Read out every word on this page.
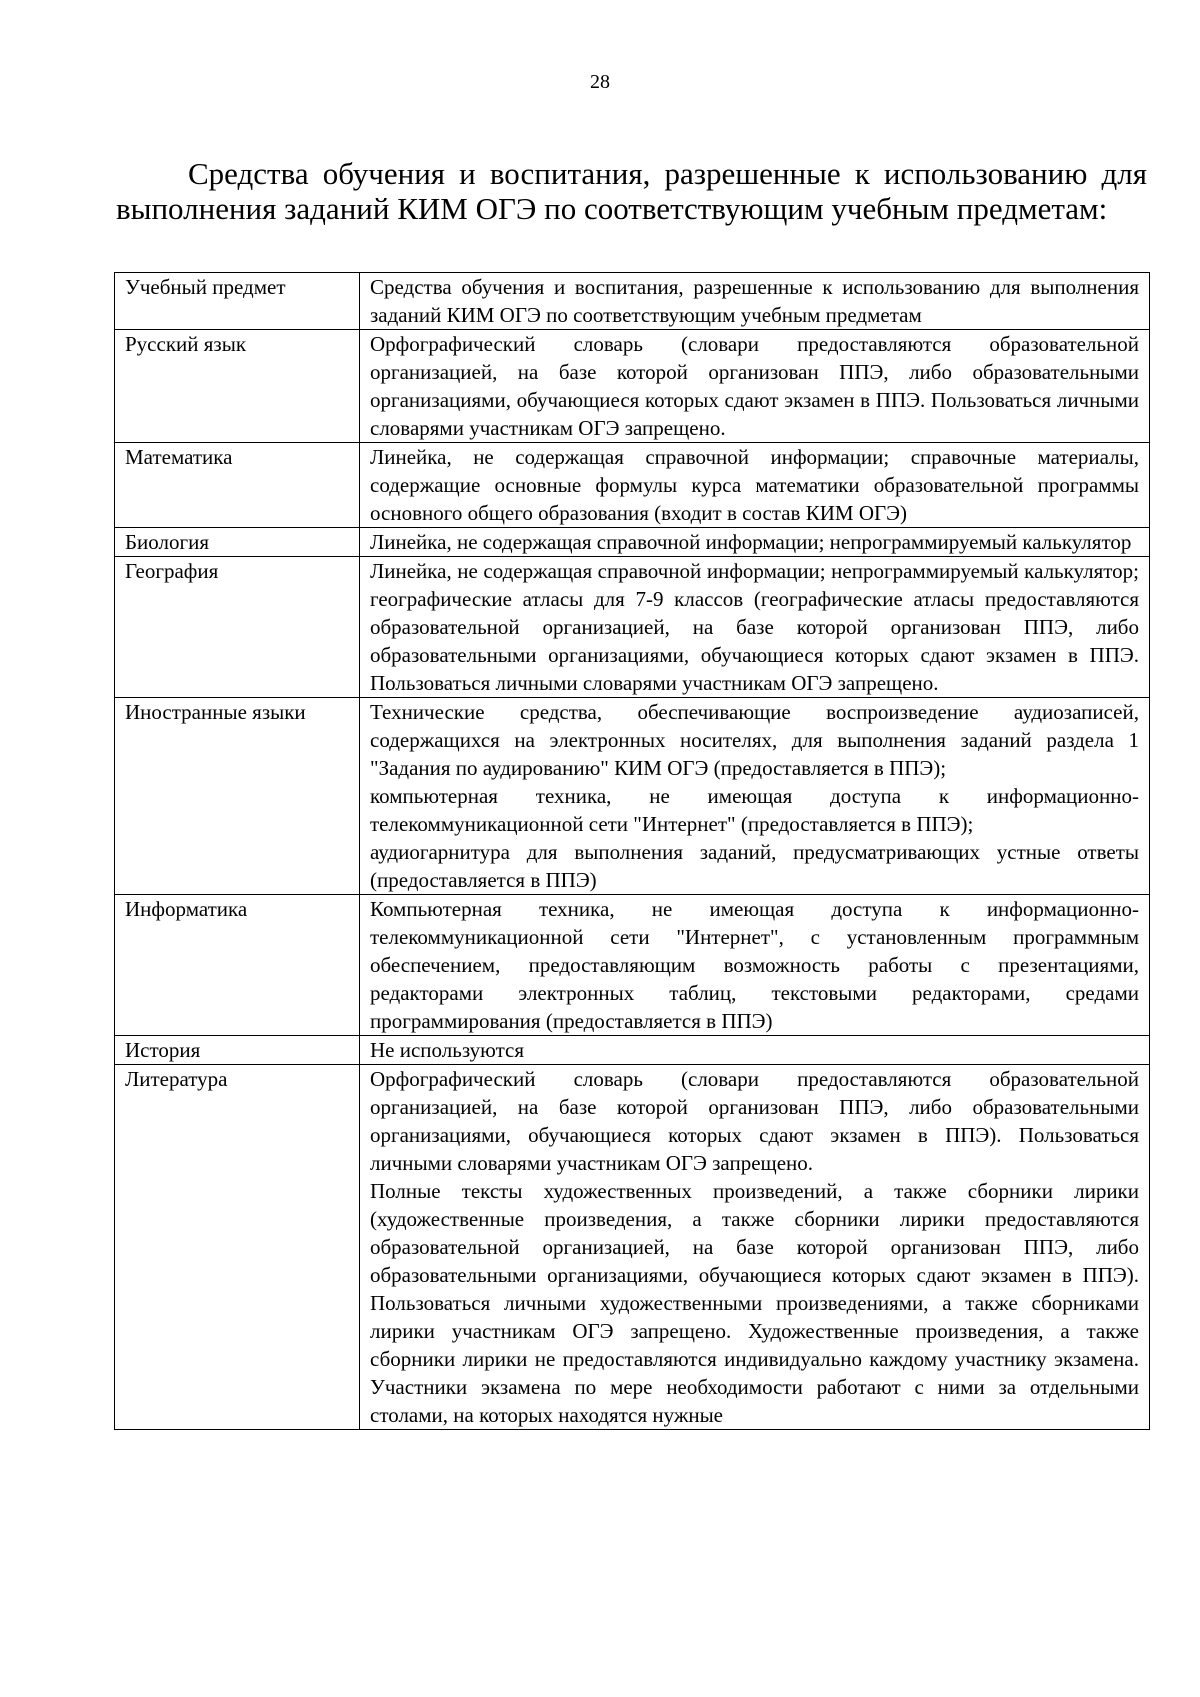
28

Средства обучения и воспитания, разрешенные к использованию для выполнения заданий КИМ ОГЭ по соответствующим учебным предметам:

Учебный предмет	Средства обучения и воспитания, разрешенные к использованию для выполнения заданий КИМ ОГЭ по соответствующим учебным предметам
Русский язык	Орфографический словарь (словари предоставляются образовательной организацией, на базе которой организован ППЭ, либо образовательными организациями, обучающиеся которых сдают экзамен в ППЭ. Пользоваться личными словарями участникам ОГЭ запрещено.

Математика	Линейка, не содержащая справочной информации; справочные материалы, содержащие основные формулы курса математики образовательной программы основного общего образования (входит в состав КИМ ОГЭ)

Биология	Линейка, не содержащая справочной информации; непрограммируемый калькулятор

География	Линейка, не содержащая справочной информации; непрограммируемый калькулятор; географические атласы для 7-9 классов (географические атласы предоставляются образовательной организацией, на базе которой организован ППЭ, либо образовательными организациями, обучающиеся которых сдают экзамен в ППЭ. Пользоваться личными словарями участникам ОГЭ запрещено.

Иностранные языки	Технические средства, обеспечивающие воспроизведение аудиозаписей, содержащихся на электронных носителях, для выполнения заданий раздела 1 "Задания по аудированию" КИМ ОГЭ (предоставляется в ППЭ);
компьютерная техника, не имеющая доступа к информационно-телекоммуникационной сети "Интернет" (предоставляется в ППЭ);
аудиогарнитура для выполнения заданий, предусматривающих устные ответы (предоставляется в ППЭ)

Информатика	Компьютерная техника, не имеющая доступа к информационно-телекоммуникационной сети "Интернет", с установленным программным обеспечением, предоставляющим возможность работы с презентациями, редакторами электронных таблиц, текстовыми редакторами, средами программирования (предоставляется в ППЭ)

История	Не используются

Литература	Орфографический словарь (словари предоставляются образовательной организацией, на базе которой организован ППЭ, либо образовательными организациями, обучающиеся которых сдают экзамен в ППЭ). Пользоваться личными словарями участникам ОГЭ запрещено.
Полные тексты художественных произведений, а также сборники лирики (художественные произведения, а также сборники лирики предоставляются образовательной организацией, на базе которой организован ППЭ, либо образовательными организациями, обучающиеся которых сдают экзамен в ППЭ). Пользоваться личными художественными произведениями, а также сборниками лирики участникам ОГЭ запрещено. Художественные произведения, а также сборники лирики не предоставляются индивидуально каждому участнику экзамена. Участники экзамена по мере необходимости работают с ними за отдельными столами, на которых находятся нужные
